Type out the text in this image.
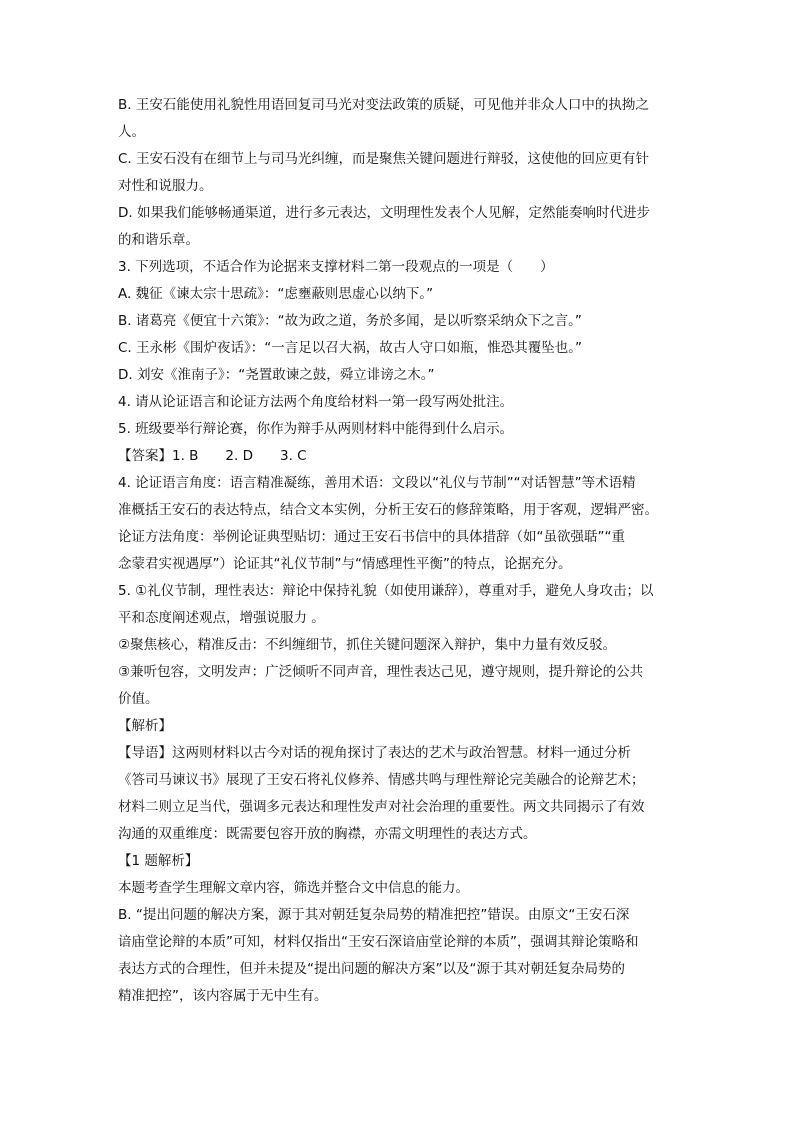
B. 王安石能使用礼貌性用语回复司马光对变法政策的质疑，可见他并非众人口中的执拗之

人。

C. 王安石没有在细节上与司马光纠缠，而是聚焦关键问题进行辩驳，这使他的回应更有针

对性和说服力。

D. 如果我们能够畅通渠道，进行多元表达，文明理性发表个人见解，定然能奏响时代进步

的和谐乐章。

3. 下列选项，不适合作为论据来支撑材料二第一段观点的一项是（　　）

A. 魏征《谏太宗十思疏》：“虑壅蔽则思虚心以纳下。”

B. 诸葛亮《便宜十六策》：“故为政之道，务於多闻，是以听察采纳众下之言。”

C. 王永彬《围炉夜话》：“一言足以召大祸，故古人守口如瓶，惟恐其覆坠也。”

D. 刘安《淮南子》：“尧置敢谏之鼓，舜立诽谤之木。”

4. 请从论证语言和论证方法两个角度给材料一第一段写两处批注。

5. 班级要举行辩论赛，你作为辩手从两则材料中能得到什么启示。

【答案】1. B　　2. D　　3. C

4. 论证语言角度：语言精准凝练，善用术语：文段以“礼仪与节制”“对话智慧”等术语精

准概括王安石的表达特点，结合文本实例，分析王安石的修辞策略，用于客观，逻辑严密。

论证方法角度：举例论证典型贴切：通过王安石书信中的具体措辞（如“虽欲强聒”“重

念蒙君实视遇厚”）论证其“礼仪节制”与“情感理性平衡”的特点，论据充分。

5. ①礼仪节制，理性表达：辩论中保持礼貌（如使用谦辞），尊重对手，避免人身攻击；以

平和态度阐述观点，增强说服力 。

②聚焦核心，精准反击：不纠缠细节，抓住关键问题深入辩护，集中力量有效反驳。

③兼听包容，文明发声：广泛倾听不同声音，理性表达己见，遵守规则，提升辩论的公共

价值。

【解析】

【导语】这两则材料以古今对话的视角探讨了表达的艺术与政治智慧。材料一通过分析

《答司马谏议书》展现了王安石将礼仪修养、情感共鸣与理性辩论完美融合的论辩艺术；

材料二则立足当代，强调多元表达和理性发声对社会治理的重要性。两文共同揭示了有效

沟通的双重维度：既需要包容开放的胸襟，亦需文明理性的表达方式。

【1 题解析】

本题考查学生理解文章内容，筛选并整合文中信息的能力。

B. “提出问题的解决方案，源于其对朝廷复杂局势的精准把控”错误。由原文“王安石深

谙庙堂论辩的本质”可知，材料仅指出“王安石深谙庙堂论辩的本质”，强调其辩论策略和

表达方式的合理性，但并未提及“提出问题的解决方案”以及“源于其对朝廷复杂局势的

精准把控”，该内容属于无中生有。
